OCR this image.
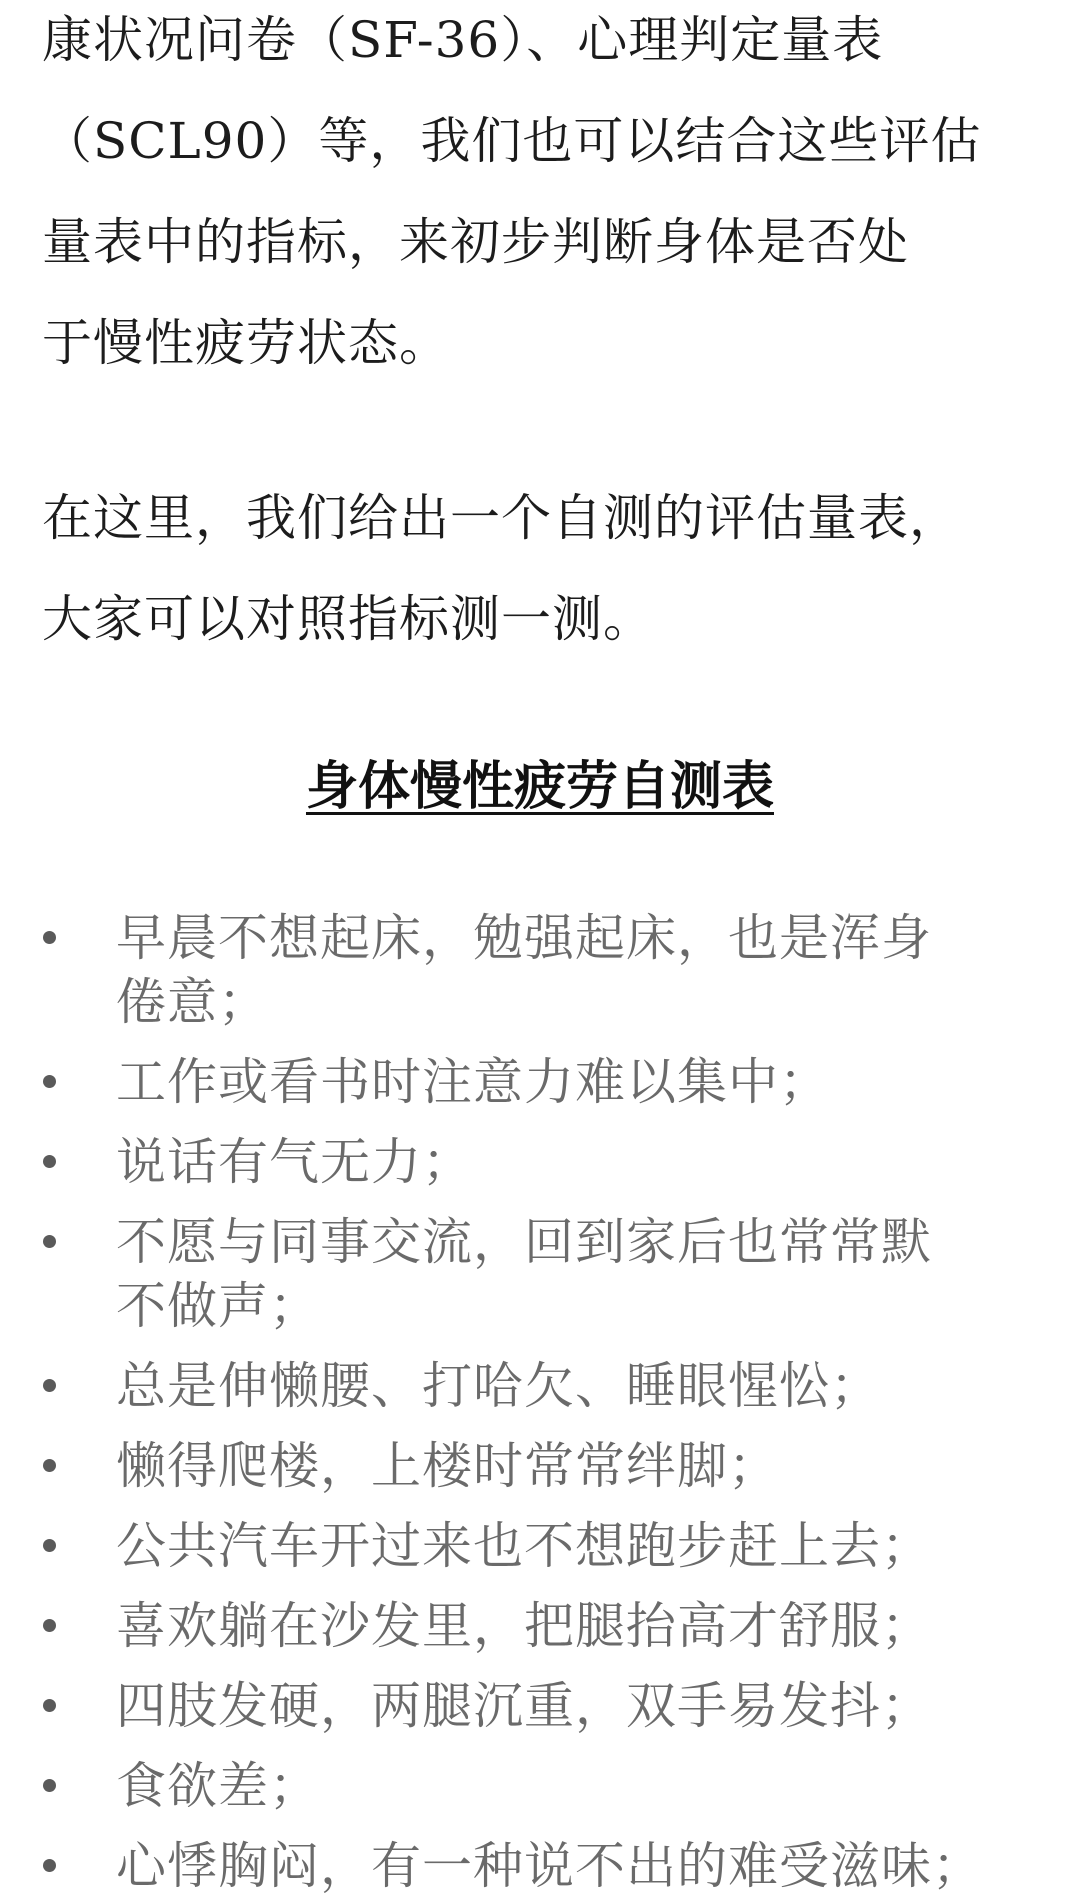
康状况问卷（SF-36）、心理判定量表
（SCL90）等，我们也可以结合这些评估
量表中的指标，来初步判断身体是否处
于慢性疲劳状态。

在这里，我们给出一个自测的评估量表，
大家可以对照指标测一测。

身体慢性疲劳自测表
早晨不想起床，勉强起床，也是浑身
倦意；
工作或看书时注意力难以集中；
说话有气无力；
不愿与同事交流，回到家后也常常默
不做声；
总是伸懒腰、打哈欠、睡眼惺忪；
懒得爬楼，上楼时常常绊脚；
公共汽车开过来也不想跑步赶上去；
喜欢躺在沙发里，把腿抬高才舒服；
四肢发硬，两腿沉重，双手易发抖；
食欲差；
心悸胸闷，有一种说不出的难受滋味；
